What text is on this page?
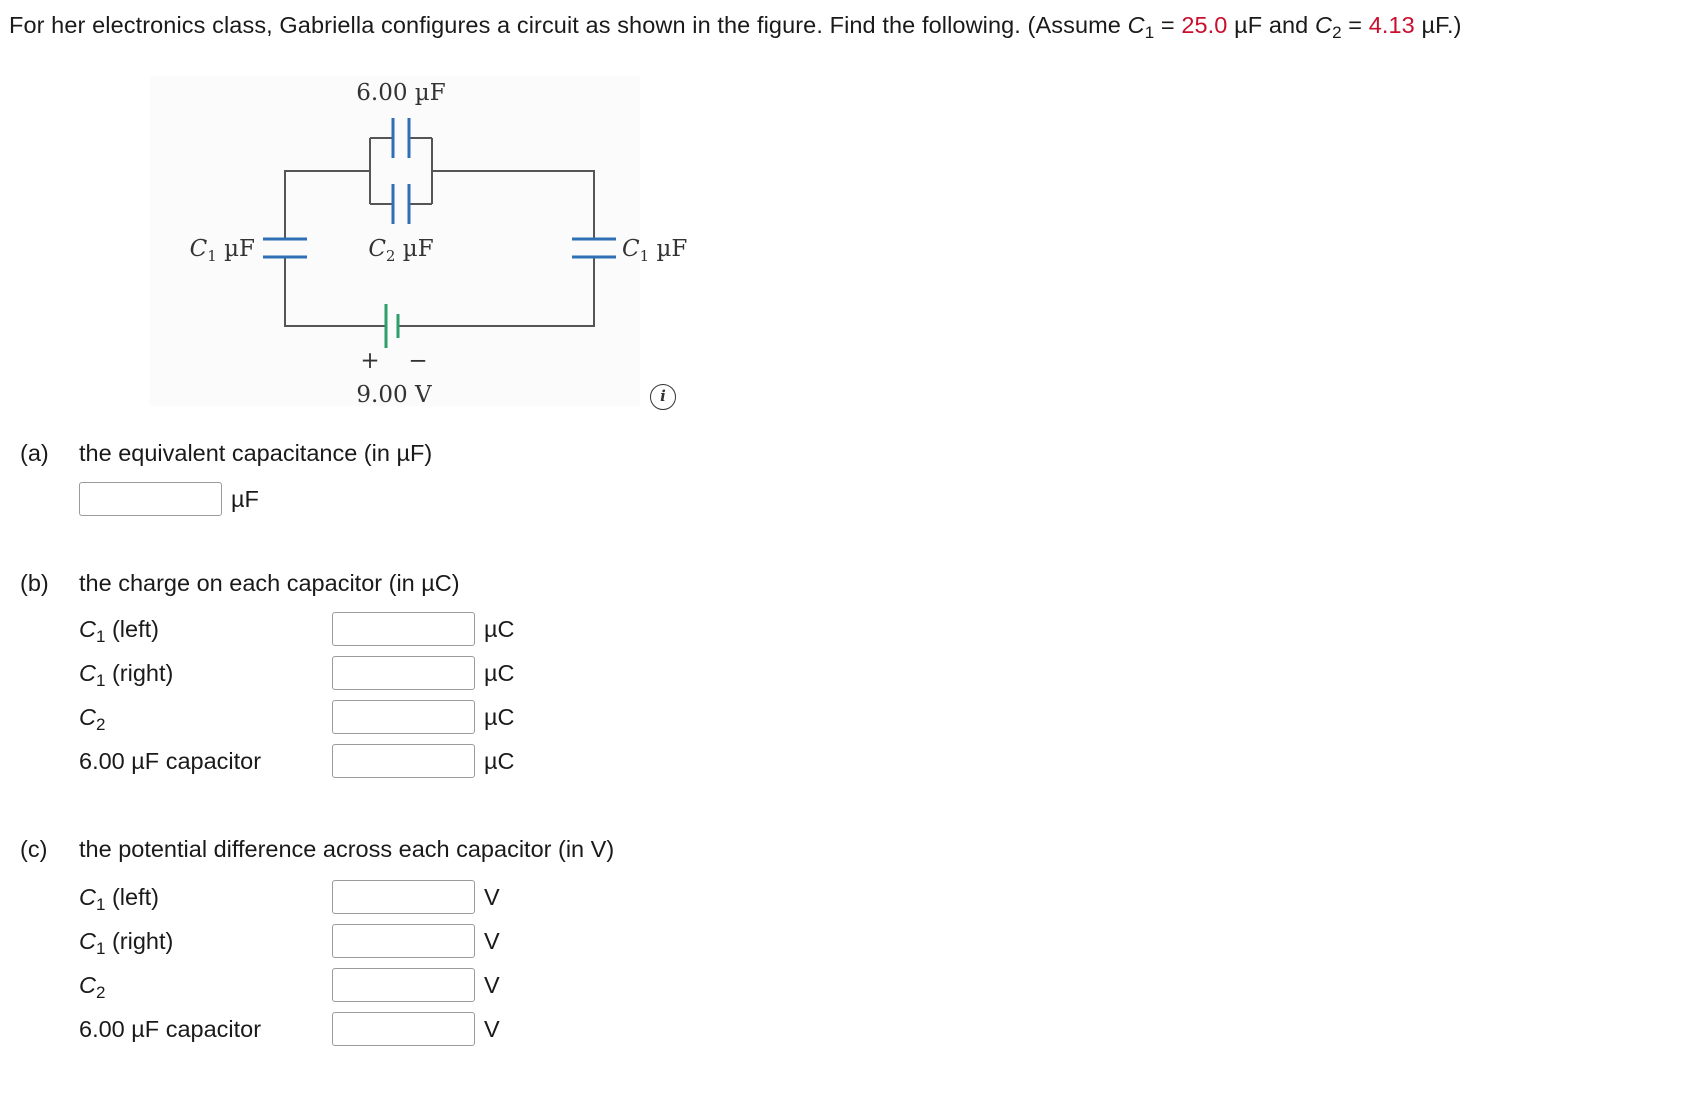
For her electronics class, Gabriella configures a circuit as shown in the figure. Find the following. (Assume $C_1 = 25.0$ µF and $C_2 = 4.13$ µF.)
6.00 µF
$C_1$ µF	$C_2$ µF	$C_1$ µF
+ −
9.00 V	i
(a) the equivalent capacitance (in µF)
µF
(b) the charge on each capacitor (in µC)
$C_1$ (left)	µC
$C_1$ (right)	µC
$C_2$	µC
6.00 µF capacitor	µC
(c) the potential difference across each capacitor (in V)
$C_1$ (left)	V
$C_1$ (right)	V
$C_2$	V
6.00 µF capacitor	V
